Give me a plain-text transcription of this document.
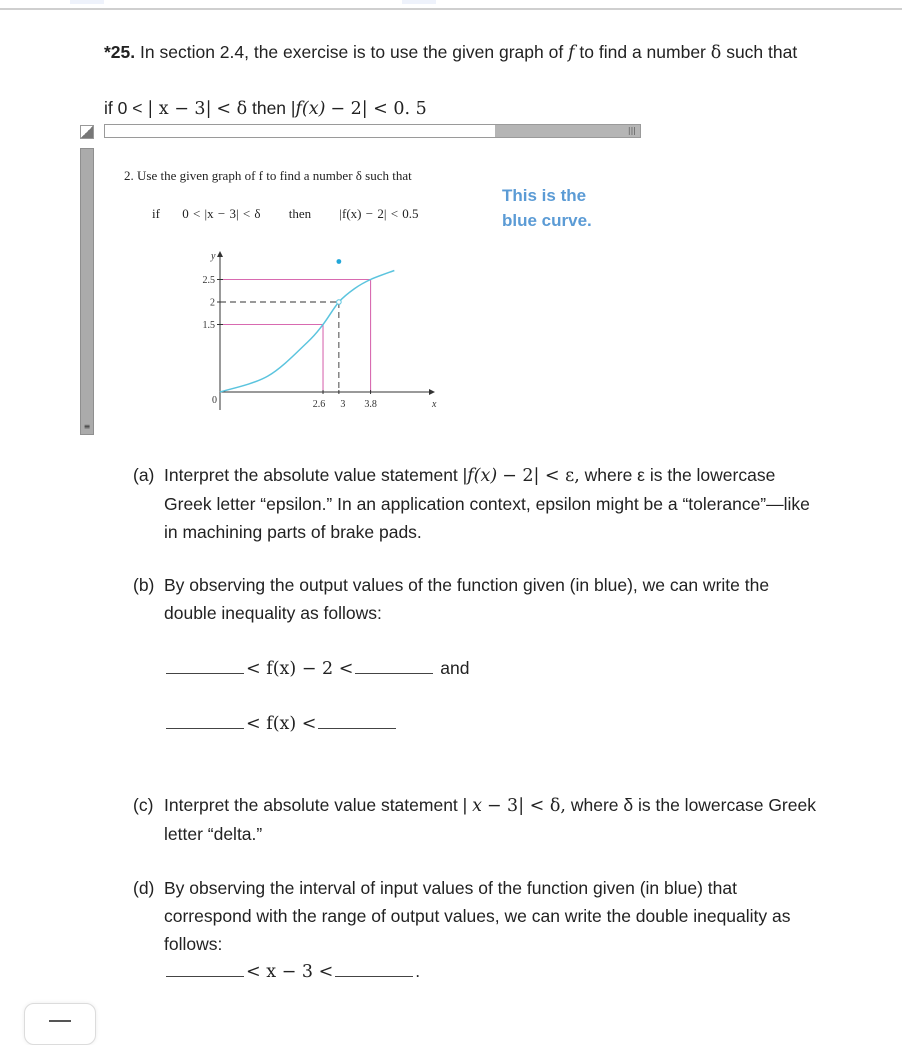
*25. In section 2.4, the exercise is to use the given graph of f to find a number δ such that
if 0 < | x − 3| < δ then |f(x) − 2| < 0. 5
|||
≡
2. Use the given graph of f to find a number δ such that
if 0 < |x − 3| < δ then |f(x) − 2| < 0.5
This is the blue curve.
1.5
2
2.5
0	2.6 3 3.8	x
y
(a) Interpret the absolute value statement |f(x) − 2| < ε, where ε is the lowercase Greek letter “epsilon.” In an application context, epsilon might be a “tolerance”—like in machining parts of brake pads.
(b) By observing the output values of the function given (in blue), we can write the double inequality as follows:
< f(x) − 2 <	and
< f(x) <
(c) Interpret the absolute value statement | x − 3| < δ, where δ is the lowercase Greek letter “delta.”
(d) By observing the interval of input values of the function given (in blue) that correspond with the range of output values, we can write the double inequality as follows:
< x − 3 <	.
